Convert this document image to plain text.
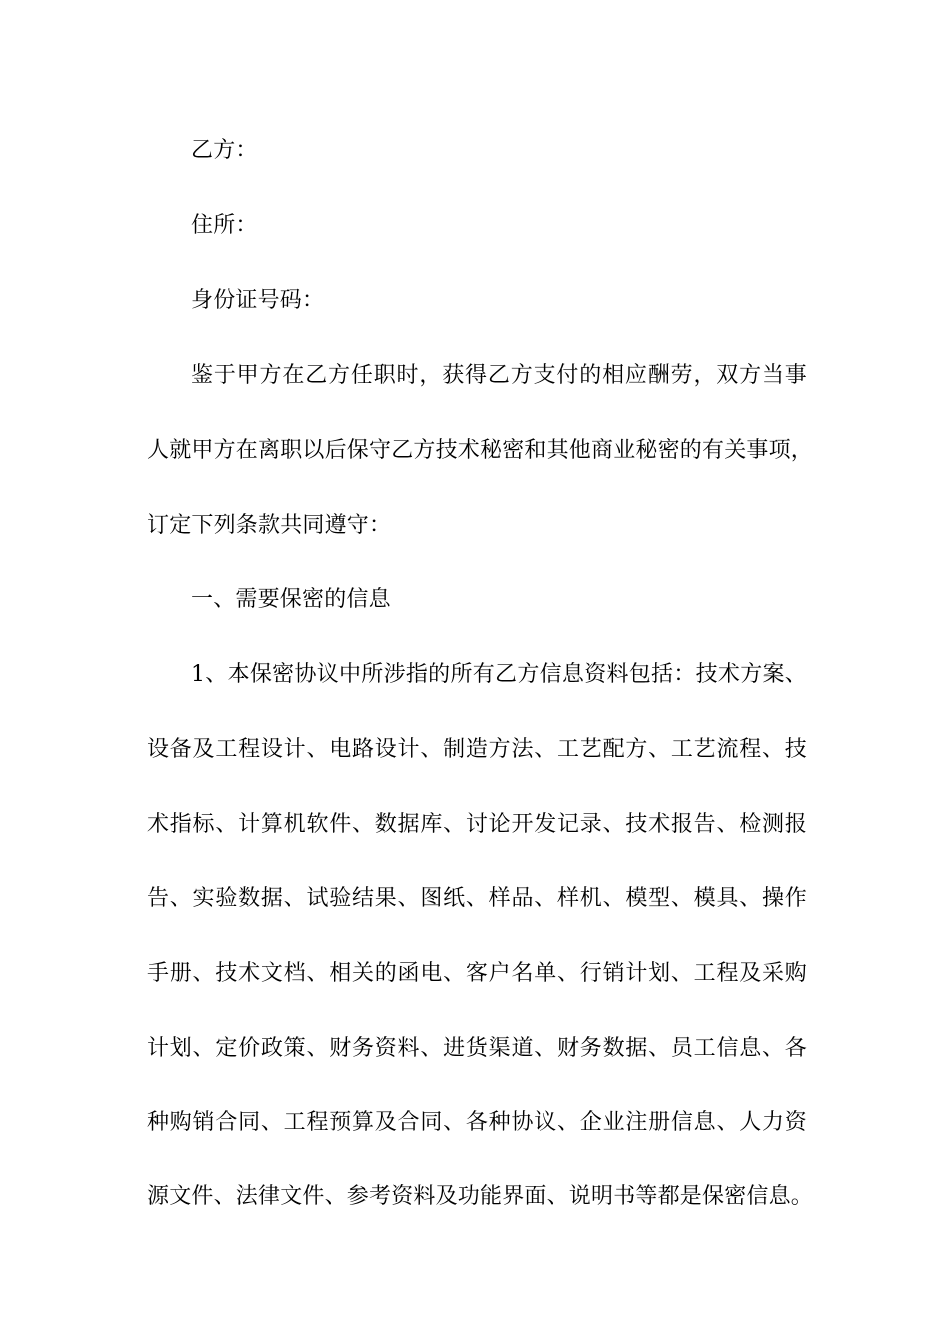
乙方：
住所：
身份证号码：
鉴于甲方在乙方任职时，获得乙方支付的相应酬劳，双方当事
人就甲方在离职以后保守乙方技术秘密和其他商业秘密的有关事项，
订定下列条款共同遵守：
一、需要保密的信息
1、本保密协议中所涉指的所有乙方信息资料包括：技术方案、
设备及工程设计、电路设计、制造方法、工艺配方、工艺流程、技
术指标、计算机软件、数据库、讨论开发记录、技术报告、检测报
告、实验数据、试验结果、图纸、样品、样机、模型、模具、操作
手册、技术文档、相关的函电、客户名单、行销计划、工程及采购
计划、定价政策、财务资料、进货渠道、财务数据、员工信息、各
种购销合同、工程预算及合同、各种协议、企业注册信息、人力资
源文件、法律文件、参考资料及功能界面、说明书等都是保密信息。
